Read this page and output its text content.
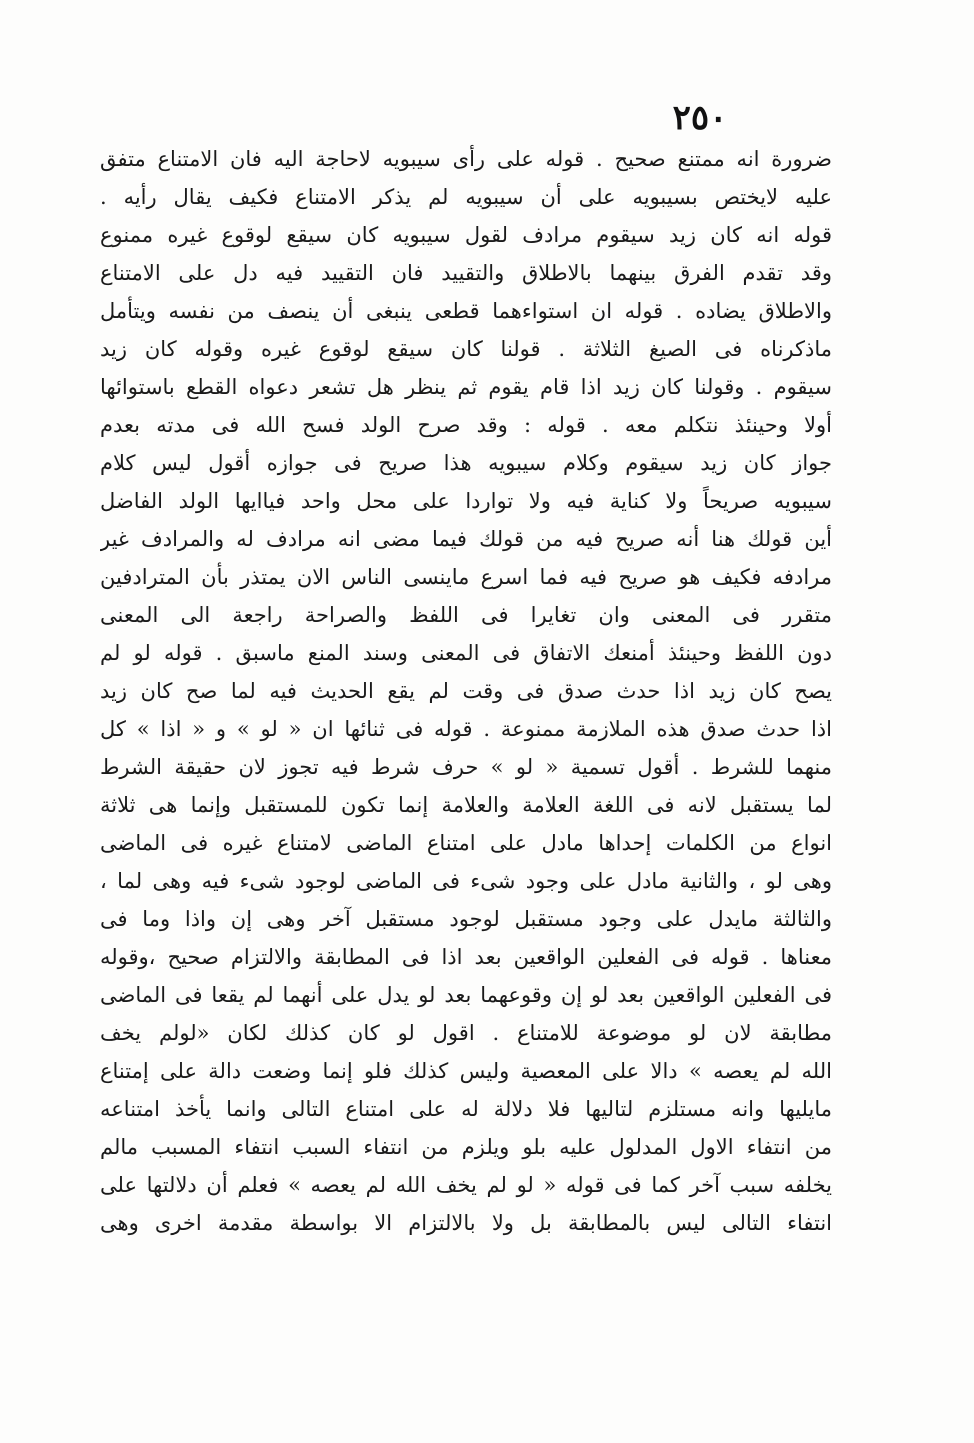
٢٥٠
ضرورة انه ممتنع صحيح . قوله على رأى سيبويه لاحاجة اليه فان الامتناع متفق
عليه لايختص بسيبويه على أن سيبويه لم يذكر الامتناع فكيف يقال رأيه .
قوله انه كان زيد سيقوم مرادف لقول سيبويه كان سيقع لوقوع غيره ممنوع
وقد تقدم الفرق بينهما بالاطلاق والتقييد فان التقييد فيه دل على الامتناع
والاطلاق يضاده . قوله ان استواءهما قطعى ينبغى أن ينصف من نفسه ويتأمل
ماذكرناه فى الصيغ الثلاثة . قولنا كان سيقع لوقوع غيره وقوله كان زيد
سيقوم . وقولنا كان زيد اذا قام يقوم ثم ينظر هل تشعر دعواه القطع باستوائها
أولا وحينئذ نتكلم معه . قوله : وقد صرح الولد فسح الله فى مدته بعدم
جواز كان زيد سيقوم وكلام سيبويه هذا صريح فى جوازه أقول ليس كلام
سيبويه صريحاً ولا كناية فيه ولا تواردا على محل واحد فياايها الولد الفاضل
أين قولك هنا أنه صريح فيه من قولك فيما مضى انه مرادف له والمرادف غير
مرادفه فكيف هو صريح فيه فما اسرع ماينسى الناس الان يمتذر بأن المترادفين
متقرر فى المعنى وان تغايرا فى اللفظ والصراحة راجعة الى المعنى
دون اللفظ وحينئذ أمنعك الاتفاق فى المعنى وسند المنع ماسبق . قوله لو لم
يصح كان زيد اذا حدث صدق فى وقت لم يقع الحديث فيه لما صح كان زيد
اذا حدث صدق هذه الملازمة ممنوعة . قوله فى ثنائها ان « لو » و « اذا » كل
منهما للشرط . أقول تسمية « لو » حرف شرط فيه تجوز لان حقيقة الشرط
لما يستقبل لانه فى اللغة العلامة والعلامة إنما تكون للمستقبل وإنما هى ثلاثة
انواع من الكلمات إحداها مادل على امتناع الماضى لامتناع غيره فى الماضى
وهى لو ، والثانية مادل على وجود شىء فى الماضى لوجود شىء فيه وهى لما ،
والثالثة مايدل على وجود مستقبل لوجود مستقبل آخر وهى إن واذا وما فى
معناها . قوله فى الفعلين الواقعين بعد اذا فى المطابقة والالتزام صحيح ،وقوله
فى الفعلين الواقعين بعد لو إن وقوعهما بعد لو يدل على أنهما لم يقعا فى الماضى
مطابقة لان لو موضوعة للامتناع . اقول لو كان كذلك لكان «لولم يخف
الله لم يعصه » دالا على المعصية وليس كذلك فلو إنما وضعت دالة على إمتناع
مايليها وانه مستلزم لتاليها فلا دلالة له على امتناع التالى وانما يأخذ امتناعه
من انتفاء الاول المدلول عليه بلو ويلزم من انتفاء السبب انتفاء المسبب مالم
يخلفه سبب آخر كما فى قوله « لو لم يخف الله لم يعصه » فعلم أن دلالتها على
انتفاء التالى ليس بالمطابقة بل ولا بالالتزام الا بواسطة مقدمة اخرى وهى
